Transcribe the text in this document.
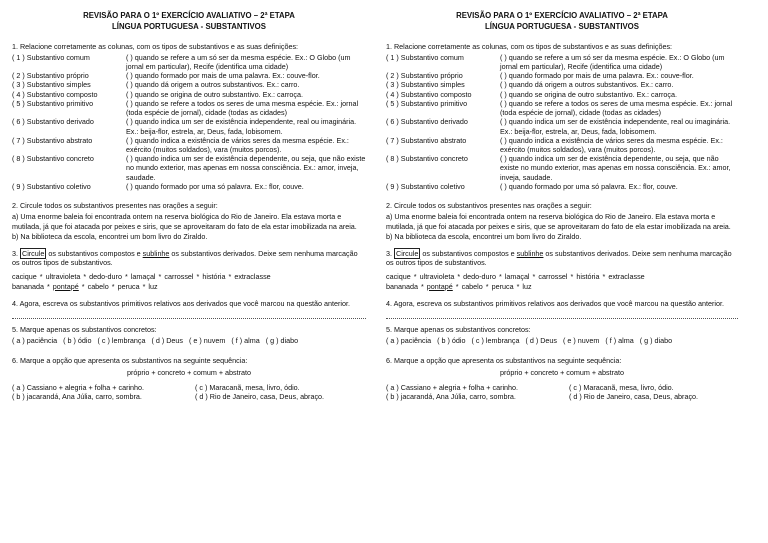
REVISÃO PARA O 1º EXERCÍCIO AVALIATIVO – 2ª ETAPA
LÍNGUA PORTUGUESA - SUBSTANTIVOS
1. Relacione corretamente as colunas, com os tipos de substantivos e as suas definições:
( 1 ) Substantivo comum	( ) quando se refere a um só ser da mesma espécie. Ex.: O Globo (um jornal em particular), Recife (identifica uma cidade)
( 2 ) Substantivo próprio	( ) quando formado por mais de uma palavra. Ex.: couve-flor.
( 3 ) Substantivo simples	( ) quando dá origem a outros substantivos. Ex.: carro.
( 4 ) Substantivo composto	( ) quando se origina de outro substantivo. Ex.: carroça.
( 5 ) Substantivo primitivo	( ) quando se refere a todos os seres de uma mesma espécie. Ex.: jornal (toda espécie de jornal), cidade (todas as cidades)
( 6 ) Substantivo derivado	( ) quando indica um ser de existência independente, real ou imaginária. Ex.: beija-flor, estrela, ar, Deus, fada, lobisomem.
( 7 ) Substantivo abstrato	( ) quando indica a existência de vários seres da mesma espécie. Ex.: exército (muitos soldados), vara (muitos porcos).
( 8 ) Substantivo concreto	( ) quando indica um ser de existência dependente, ou seja, que não existe no mundo exterior, mas apenas em nossa consciência. Ex.: amor, inveja, saudade.
( 9 ) Substantivo coletivo	( ) quando formado por uma só palavra. Ex.: flor, couve.
2. Circule todos os substantivos presentes nas orações a seguir:

a) Uma enorme baleia foi encontrada ontem na reserva biológica do Rio de Janeiro. Ela estava morta e mutilada, já que foi atacada por peixes e siris, que se aproveitaram do fato de ela estar imobilizada na areia.

b) Na biblioteca da escola, encontrei um bom livro do Ziraldo.

3. Circule os substantivos compostos e sublinhe os substantivos derivados. Deixe sem nenhuma marcação os outros tipos de substantivos.

cacique * ultravioleta * dedo-duro * lamaçal * carrossel * história * extraclasse
bananada * pontapé * cabelo * peruca * luz

4. Agora, escreva os substantivos primitivos relativos aos derivados que você marcou na questão anterior.

5. Marque apenas os substantivos concretos:
( a ) paciência ( b ) ódio ( c ) lembrança ( d ) Deus ( e ) nuvem ( f ) alma ( g ) diabo
6. Marque a opção que apresenta os substantivos na seguinte sequência:
próprio + concreto + comum + abstrato
( a ) Cassiano + alegria + folha + carinho.	( c ) Maracanã, mesa, livro, ódio.
( b ) jacarandá, Ana Júlia, carro, sombra.	( d ) Rio de Janeiro, casa, Deus, abraço.
REVISÃO PARA O 1º EXERCÍCIO AVALIATIVO – 2ª ETAPA
LÍNGUA PORTUGUESA - SUBSTANTIVOS
1. Relacione corretamente as colunas, com os tipos de substantivos e as suas definições:
( 1 ) Substantivo comum	( ) quando se refere a um só ser da mesma espécie. Ex.: O Globo (um jornal em particular), Recife (identifica uma cidade)
( 2 ) Substantivo próprio	( ) quando formado por mais de uma palavra. Ex.: couve-flor.
( 3 ) Substantivo simples	( ) quando dá origem a outros substantivos. Ex.: carro.
( 4 ) Substantivo composto	( ) quando se origina de outro substantivo. Ex.: carroça.
( 5 ) Substantivo primitivo	( ) quando se refere a todos os seres de uma mesma espécie. Ex.: jornal (toda espécie de jornal), cidade (todas as cidades)
( 6 ) Substantivo derivado	( ) quando indica um ser de existência independente, real ou imaginária. Ex.: beija-flor, estrela, ar, Deus, fada, lobisomem.
( 7 ) Substantivo abstrato	( ) quando indica a existência de vários seres da mesma espécie. Ex.: exército (muitos soldados), vara (muitos porcos).
( 8 ) Substantivo concreto	( ) quando indica um ser de existência dependente, ou seja, que não existe no mundo exterior, mas apenas em nossa consciência. Ex.: amor, inveja, saudade.
( 9 ) Substantivo coletivo	( ) quando formado por uma só palavra. Ex.: flor, couve.
2. Circule todos os substantivos presentes nas orações a seguir:

a) Uma enorme baleia foi encontrada ontem na reserva biológica do Rio de Janeiro. Ela estava morta e mutilada, já que foi atacada por peixes e siris, que se aproveitaram do fato de ela estar imobilizada na areia.

b) Na biblioteca da escola, encontrei um bom livro do Ziraldo.

3. Circule os substantivos compostos e sublinhe os substantivos derivados. Deixe sem nenhuma marcação os outros tipos de substantivos.

cacique * ultravioleta * dedo-duro * lamaçal * carrossel * história * extraclasse
bananada * pontapé * cabelo * peruca * luz

4. Agora, escreva os substantivos primitivos relativos aos derivados que você marcou na questão anterior.

5. Marque apenas os substantivos concretos:
( a ) paciência ( b ) ódio ( c ) lembrança ( d ) Deus ( e ) nuvem ( f ) alma ( g ) diabo
6. Marque a opção que apresenta os substantivos na seguinte sequência:
próprio + concreto + comum + abstrato
( a ) Cassiano + alegria + folha + carinho.	( c ) Maracanã, mesa, livro, ódio.
( b ) jacarandá, Ana Júlia, carro, sombra.	( d ) Rio de Janeiro, casa, Deus, abraço.
